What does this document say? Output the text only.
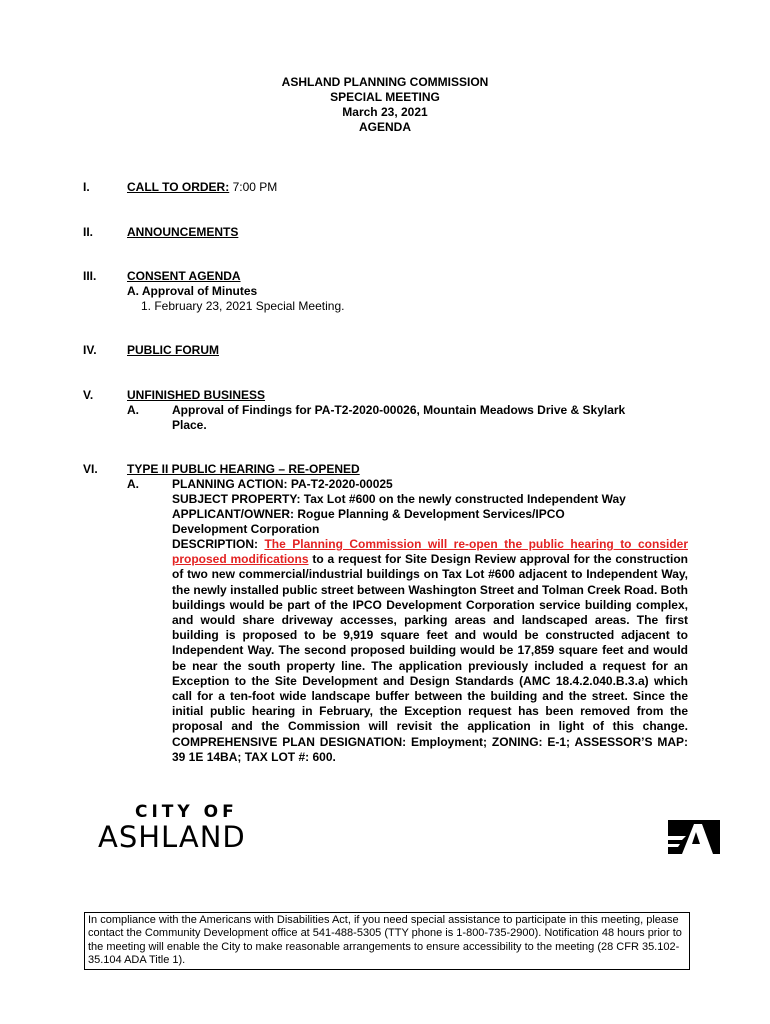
ASHLAND PLANNING COMMISSION
SPECIAL MEETING
March 23, 2021
AGENDA
I.	CALL TO ORDER: 7:00 PM
II.	ANNOUNCEMENTS
III.	CONSENT AGENDA
A. Approval of Minutes
1. February 23, 2021 Special Meeting.
IV.	PUBLIC FORUM
V.	UNFINISHED BUSINESS
A.	Approval of Findings for PA-T2-2020-00026, Mountain Meadows Drive & Skylark Place.
VI. TYPE II PUBLIC HEARING – RE-OPENED
A.	PLANNING ACTION: PA-T2-2020-00025
SUBJECT PROPERTY: Tax Lot #600 on the newly constructed Independent Way
APPLICANT/OWNER: Rogue Planning & Development Services/IPCO Development Corporation
DESCRIPTION: The Planning Commission will re-open the public hearing to consider proposed modifications to a request for Site Design Review approval for the construction of two new commercial/industrial buildings on Tax Lot #600 adjacent to Independent Way, the newly installed public street between Washington Street and Tolman Creek Road. Both buildings would be part of the IPCO Development Corporation service building complex, and would share driveway accesses, parking areas and landscaped areas. The first building is proposed to be 9,919 square feet and would be constructed adjacent to Independent Way. The second proposed building would be 17,859 square feet and would be near the south property line. The application previously included a request for an Exception to the Site Development and Design Standards (AMC 18.4.2.040.B.3.a) which call for a ten-foot wide landscape buffer between the building and the street. Since the initial public hearing in February, the Exception request has been removed from the proposal and the Commission will revisit the application in light of this change. COMPREHENSIVE PLAN DESIGNATION: Employment; ZONING: E-1; ASSESSOR’S MAP: 39 1E 14BA; TAX LOT #: 600.
CITY OF
ASHLAND
In compliance with the Americans with Disabilities Act, if you need special assistance to participate in this meeting, please contact the Community Development office at 541-488-5305 (TTY phone is 1-800-735-2900). Notification 48 hours prior to the meeting will enable the City to make reasonable arrangements to ensure accessibility to the meeting (28 CFR 35.102-35.104 ADA Title 1).
